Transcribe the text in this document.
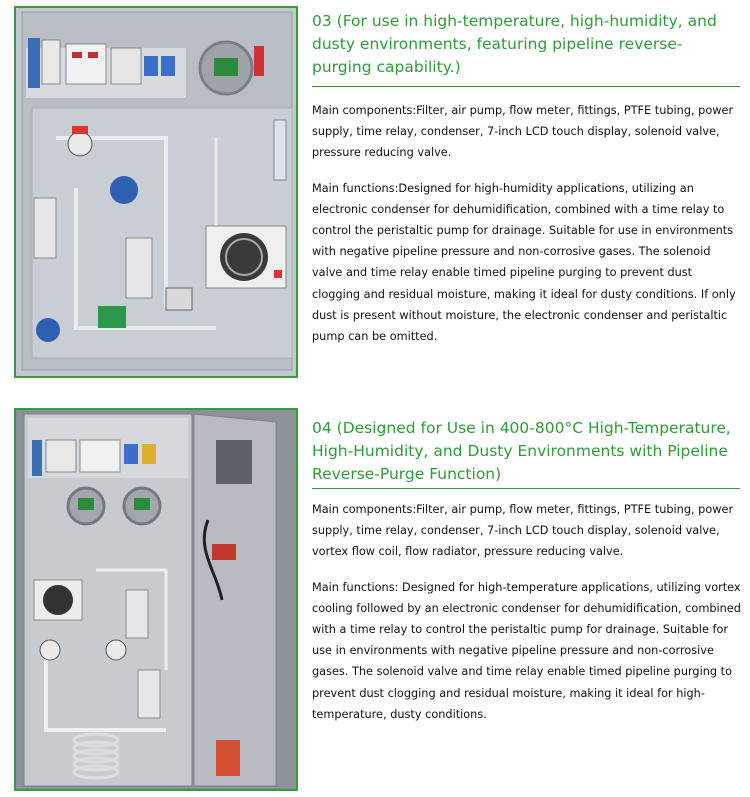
03 (For use in high-temperature, high-humidity, and dusty environments, featuring pipeline reverse-purging capability.)

Main components:Filter, air pump, flow meter, fittings, PTFE tubing, power supply, time relay, condenser, 7-inch LCD touch display, solenoid valve, pressure reducing valve.

Main functions:Designed for high-humidity applications, utilizing an electronic condenser for dehumidification, combined with a time relay to control the peristaltic pump for drainage. Suitable for use in environments with negative pipeline pressure and non-corrosive gases. The solenoid valve and time relay enable timed pipeline purging to prevent dust clogging and residual moisture, making it ideal for dusty conditions. If only dust is present without moisture, the electronic condenser and peristaltic pump can be omitted.

04 (Designed for Use in 400-800°C High-Temperature, High-Humidity, and Dusty Environments with Pipeline Reverse-Purge Function)

Main components:Filter, air pump, flow meter, fittings, PTFE tubing, power supply, time relay, condenser, 7-inch LCD touch display, solenoid valve, vortex flow coil, flow radiator, pressure reducing valve.

Main functions: Designed for high-temperature applications, utilizing vortex cooling followed by an electronic condenser for dehumidification, combined with a time relay to control the peristaltic pump for drainage. Suitable for use in environments with negative pipeline pressure and non-corrosive gases. The solenoid valve and time relay enable timed pipeline purging to prevent dust clogging and residual moisture, making it ideal for high-temperature, dusty conditions.
